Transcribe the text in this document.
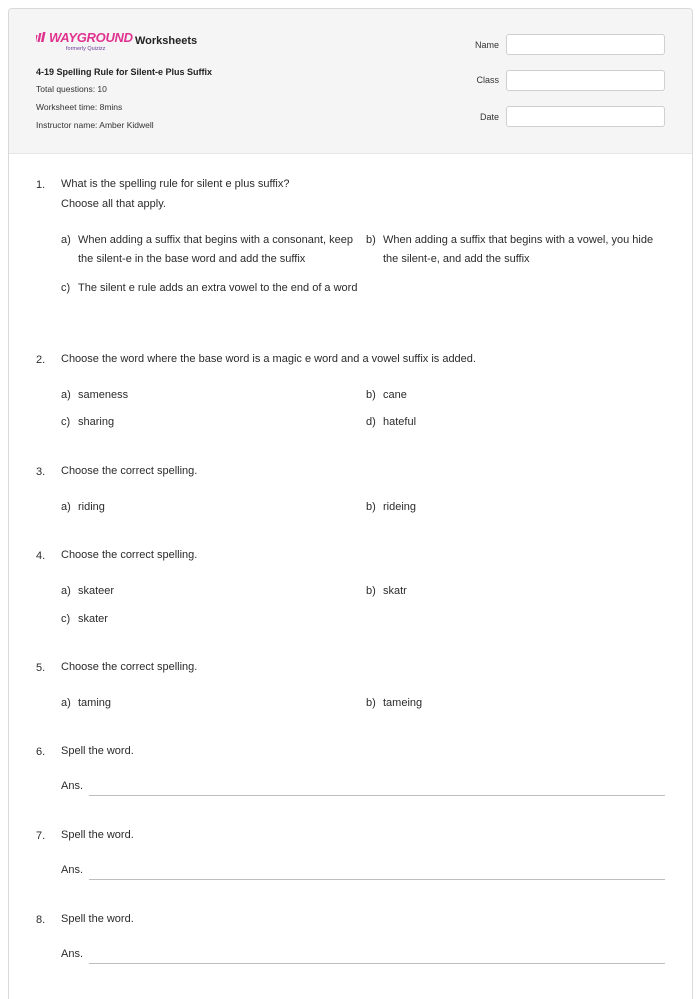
WAYGROUND
formerly Quizizz
Worksheets
4-19 Spelling Rule for Silent-e Plus Suffix
Total questions: 10
Worksheet time: 8mins
Instructor name: Amber Kidwell
Name
Class
Date
1. What is the spelling rule for silent e plus suffix?
Choose all that apply.
a) When adding a suffix that begins with a consonant, keep the silent-e in the base word and add the suffix
b) When adding a suffix that begins with a vowel, you hide the silent-e, and add the suffix
c) The silent e rule adds an extra vowel to the end of a word
2. Choose the word where the base word is a magic e word and a vowel suffix is added.
a) sameness	b) cane
c) sharing	d) hateful
3. Choose the correct spelling.
a) riding	b) rideing
4. Choose the correct spelling.
a) skateer	b) skatr
c) skater
5. Choose the correct spelling.
a) taming	b) tameing
6. Spell the word.
Ans.
7. Spell the word.
Ans.
8. Spell the word.
Ans.
